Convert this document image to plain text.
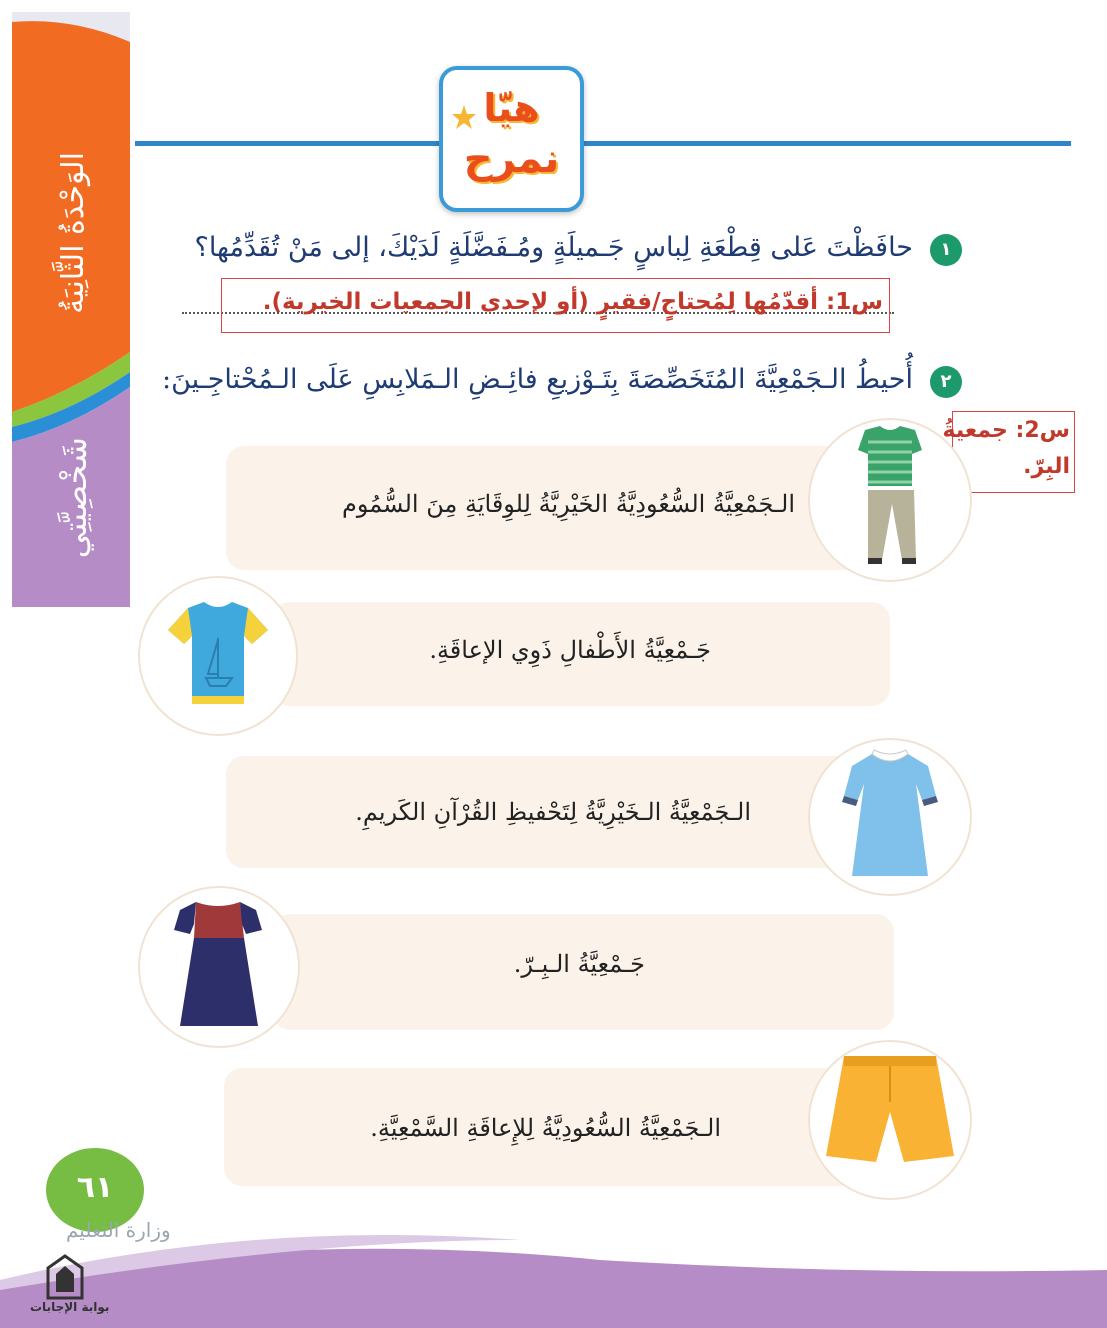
الوَحْدَةُ الثَّانِيَةُ
شَخْصِيَّتِي
هيّا
نمرح
١
حافَظْتَ عَلى قِطْعَةِ لِباسٍ جَـميلَةٍ ومُـفَضَّلَةٍ لَدَيْكَ، إلى مَنْ تُقَدِّمُها؟
س1: أقدّمُها لِمُحتاجٍ/فقيرٍ (أو لإحدى الجمعيات الخيرية).
٢
أُحيطُ الـجَمْعِيَّةَ المُتَخَصِّصَةَ بِتَـوْزيعِ فائِـضِ الـمَلابِسِ عَلَى الـمُحْتاجِـينَ:
س2: جمعيةُ
البِرّ.
الـجَمْعِيَّةُ السُّعُودِيَّةُ الخَيْرِيَّةُ لِلوِقَايَةِ مِنَ السُّمُوم
جَـمْعِيَّةُ الأَطْفالِ ذَوِي الإعاقَةِ.
الـجَمْعِيَّةُ الـخَيْرِيَّةُ لِتَحْفيظِ القُرْآنِ الكَريمِ.
جَـمْعِيَّةُ الـبِـرّ.
الـجَمْعِيَّةُ السُّعُودِيَّةُ لِلإِعاقَةِ السَّمْعِيَّةِ.
٦١
وزارة التعليم
بوابة الإجابات
